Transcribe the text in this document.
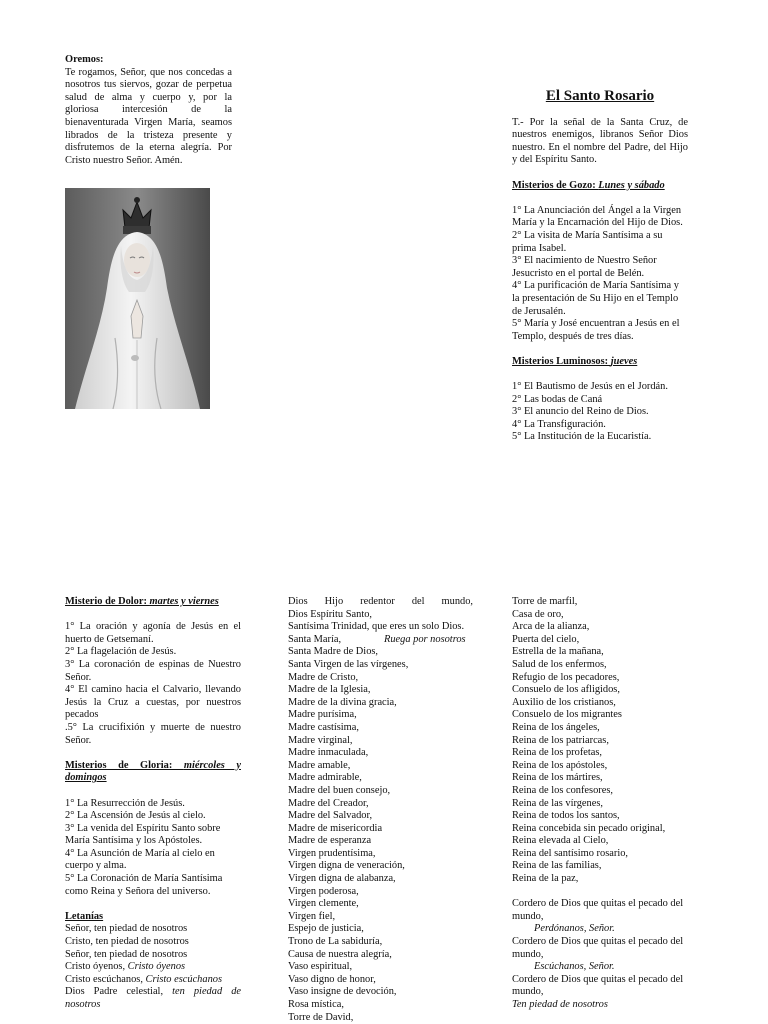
Oremos:

Te rogamos, Señor, que nos concedas a nosotros tus siervos, gozar de perpetua salud de alma y cuerpo y, por la gloriosa intercesión de la bienaventurada Virgen María, seamos librados de la tristeza presente y disfrutemos de la eterna alegría. Por Cristo nuestro Señor. Amén.

El Santo Rosario

T.- Por la señal de la Santa Cruz, de nuestros enemigos, libranos Señor Dios nuestro. En el nombre del Padre, del Hijo y del Espíritu Santo.

Misterios de Gozo: Lunes y sábado

1° La Anunciación del Ángel a la Virgen María y la Encarnación del Hijo de Dios.

2° La visita de María Santísima a su prima Isabel.

3° El nacimiento de Nuestro Señor Jesucristo en el portal de Belén.

4° La purificación de María Santísima y la presentación de Su Hijo en el Templo de Jerusalén.

5° María y José encuentran a Jesús en el Templo, después de tres días.

Misterios Luminosos: jueves

1° El Bautismo de Jesús en el Jordán.

2° Las bodas de Caná

3° El anuncio del Reino de Dios.

4° La Transfiguración.

5° La Institución de la Eucaristía.

Misterio de Dolor: martes y viernes

1° La oración y agonía de Jesús en el huerto de Getsemaní.

2° La flagelación de Jesús.

3° La coronación de espinas de Nuestro Señor.

4° El camino hacia el Calvario, llevando Jesús la Cruz a cuestas, por nuestros pecados

.5° La crucifixión y muerte de nuestro Señor.

Misterios de Gloria: miércoles y domingos

1° La Resurrección de Jesús.

2° La Ascensión de Jesús al cielo.

3° La venida del Espíritu Santo sobre María Santísima y los Apóstoles.

4° La Asunción de María al cielo en cuerpo y alma.

5° La Coronación de María Santísima como Reina y Señora del universo.

Letanías

Señor, ten piedad de nosotros

Cristo, ten piedad de nosotros

Señor, ten piedad de nosotros

Cristo óyenos, Cristo óyenos

Cristo escúchanos, Cristo escúchanos

Dios Padre celestial, ten piedad de nosotros

Dios Hijo redentor del mundo,

Dios Espíritu Santo,

Santísima Trinidad, que eres un solo Dios.

Santa María,	Ruega por nosotros

Santa Madre de Dios,

Santa Virgen de las vírgenes,

Madre de Cristo,

Madre de la Iglesia,

Madre de la divina gracia,

Madre purísima,

Madre castísima,

Madre virginal,

Madre inmaculada,

Madre amable,

Madre admirable,

Madre del buen consejo,

Madre del Creador,

Madre del Salvador,

Madre de misericordia

Madre de esperanza

Virgen prudentísima,

Virgen digna de veneración,

Virgen digna de alabanza,

Virgen poderosa,

Virgen clemente,

Virgen fiel,

Espejo de justicia,

Trono de La sabiduría,

Causa de nuestra alegría,

Vaso espiritual,

Vaso digno de honor,

Vaso insigne de devoción,

Rosa mística,

Torre de David,

Torre de marfil,

Casa de oro,

Arca de la alianza,

Puerta del cielo,

Estrella de la mañana,

Salud de los enfermos,

Refugio de los pecadores,

Consuelo de los afligidos,

Auxilio de los cristianos,

Consuelo de los migrantes

Reina de los ángeles,

Reina de los patriarcas,

Reina de los profetas,

Reina de los apóstoles,

Reina de los mártires,

Reina de los confesores,

Reina de las vírgenes,

Reina de todos los santos,

Reina concebida sin pecado original,

Reina elevada al Cielo,

Reina del santísimo rosario,

Reina de las familias,

Reina de la paz,

Cordero de Dios que quitas el pecado del mundo,

Perdónanos, Señor.

Cordero de Dios que quitas el pecado del mundo,

Escúchanos, Señor.

Cordero de Dios que quitas el pecado del mundo,

Ten piedad de nosotros
